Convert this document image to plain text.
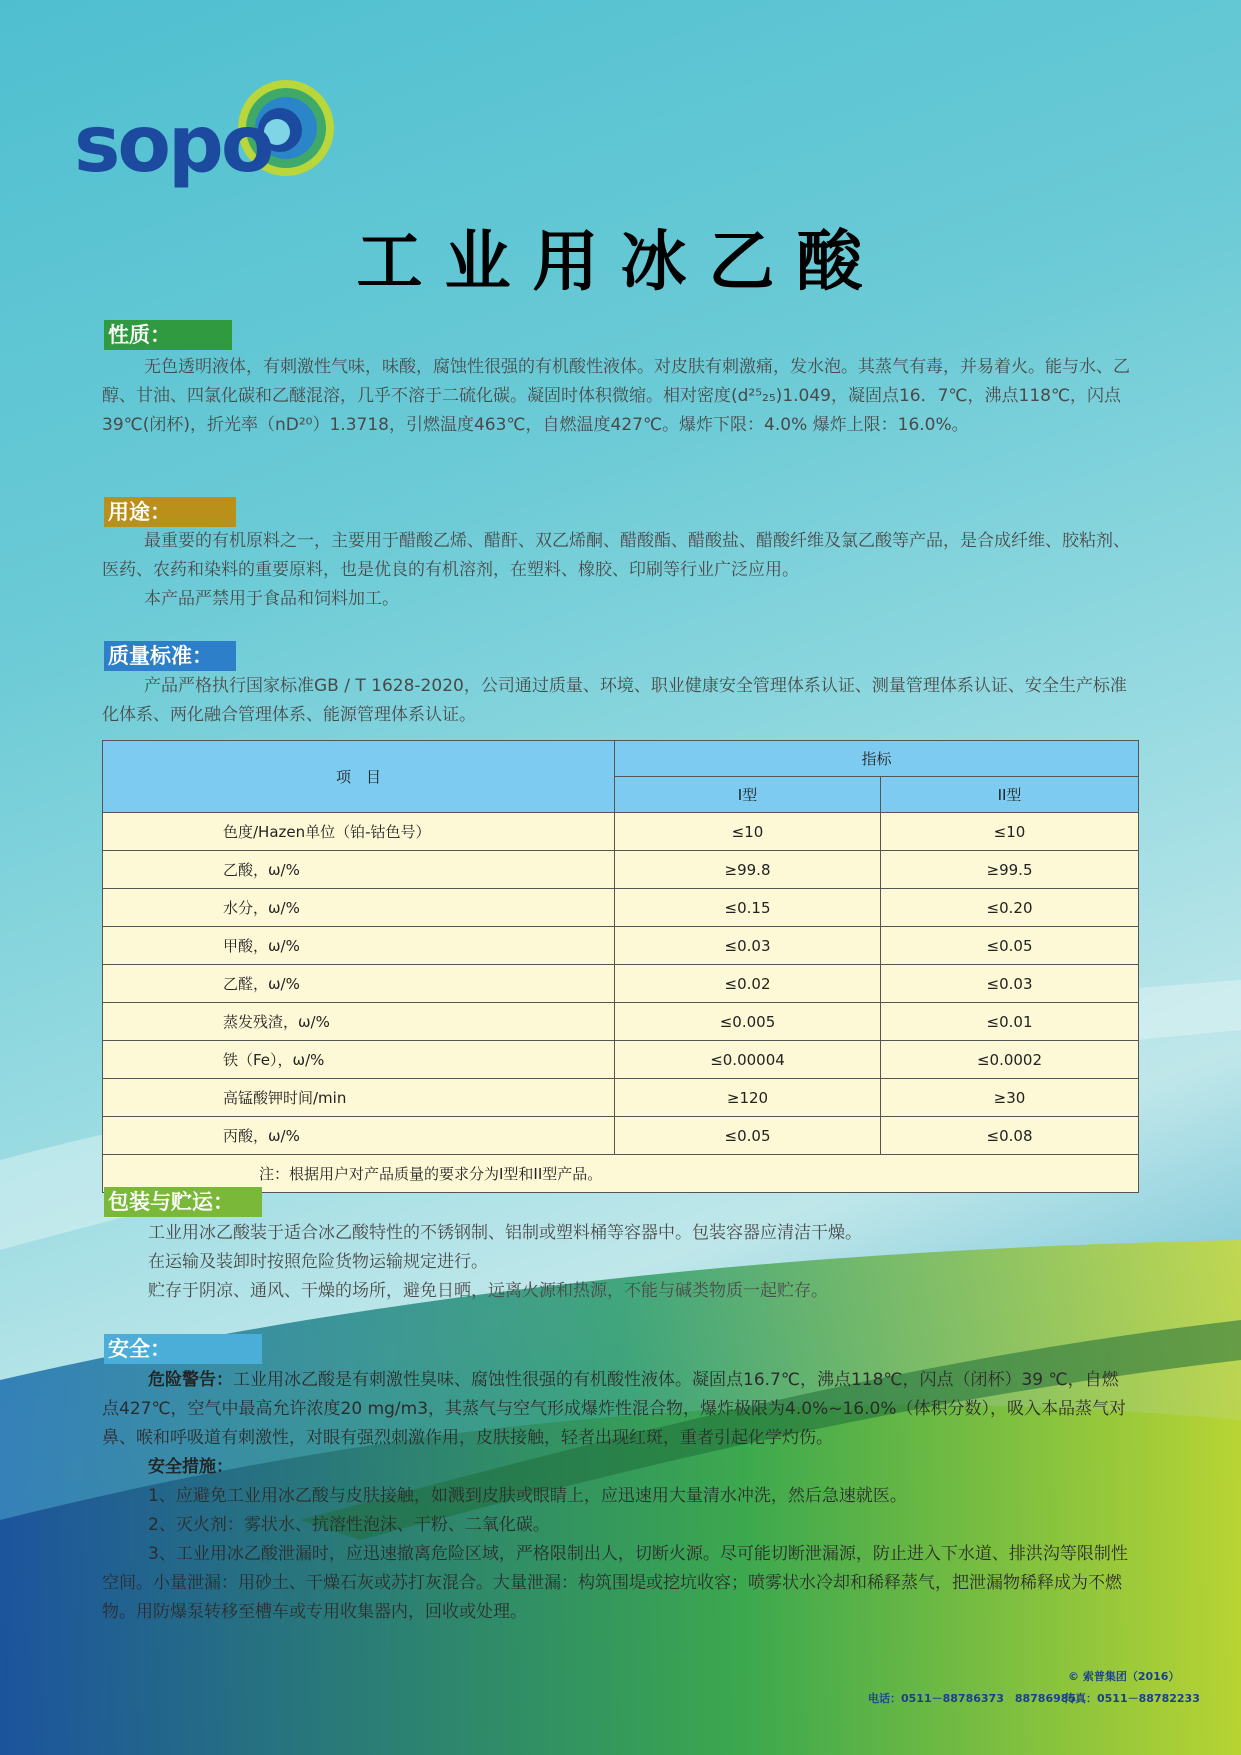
sopo
工业用冰乙酸
性质：

无色透明液体，有刺激性气味，味酸，腐蚀性很强的有机酸性液体。对皮肤有刺激痛，发水泡。其蒸气有毒，并易着火。能与水、乙醇、甘油、四氯化碳和乙醚混溶，几乎不溶于二硫化碳。凝固时体积微缩。相对密度(d²⁵₂₅)1.049，凝固点16．7℃，沸点118℃，闪点39℃(闭杯)，折光率（nD²⁰）1.3718，引燃温度463℃，自燃温度427℃。爆炸下限：4.0% 爆炸上限：16.0%。

用途：

最重要的有机原料之一，主要用于醋酸乙烯、醋酐、双乙烯酮、醋酸酯、醋酸盐、醋酸纤维及氯乙酸等产品，是合成纤维、胶粘剂、医药、农药和染料的重要原料，也是优良的有机溶剂，在塑料、橡胶、印刷等行业广泛应用。

本产品严禁用于食品和饲料加工。

质量标准：

产品严格执行国家标准GB / T 1628-2020，公司通过质量、环境、职业健康安全管理体系认证、测量管理体系认证、安全生产标准化体系、两化融合管理体系、能源管理体系认证。

项　目	指标	
	I型	II型
色度/Hazen单位（铂-钴色号）	≤10	≤10
乙酸，ω/%	≥99.8	≥99.5
水分，ω/%	≤0.15	≤0.20
甲酸，ω/%	≤0.03	≤0.05
乙醛，ω/%	≤0.02	≤0.03
蒸发残渣，ω/%	≤0.005	≤0.01
铁（Fe），ω/%	≤0.00004	≤0.0002
高锰酸钾时间/min	≥120	≥30
丙酸，ω/%	≤0.05	≤0.08
注：根据用户对产品质量的要求分为I型和II型产品。		
包装与贮运：

工业用冰乙酸装于适合冰乙酸特性的不锈钢制、铝制或塑料桶等容器中。包装容器应清洁干燥。

在运输及装卸时按照危险货物运输规定进行。

贮存于阴凉、通风、干燥的场所，避免日晒，远离火源和热源，不能与碱类物质一起贮存。

安全：

危险警告：工业用冰乙酸是有刺激性臭味、腐蚀性很强的有机酸性液体。凝固点16.7℃，沸点118℃，闪点（闭杯）39 ℃，自燃点427℃，空气中最高允许浓度20 mg/m3，其蒸气与空气形成爆炸性混合物，爆炸极限为4.0%~16.0%（体积分数），吸入本品蒸气对鼻、喉和呼吸道有刺激性，对眼有强烈刺激作用，皮肤接触，轻者出现红斑，重者引起化学灼伤。

安全措施：

1、应避免工业用冰乙酸与皮肤接触，如溅到皮肤或眼睛上，应迅速用大量清水冲洗，然后急速就医。

2、灭火剂：雾状水、抗溶性泡沫、干粉、二氧化碳。

3、工业用冰乙酸泄漏时，应迅速撤离危险区域，严格限制出人，切断火源。尽可能切断泄漏源，防止进入下水道、排洪沟等限制性空间。小量泄漏：用砂土、干燥石灰或苏打灰混合。大量泄漏：构筑围堤或挖坑收容；喷雾状水冷却和稀释蒸气，把泄漏物稀释成为不燃物。用防爆泵转移至槽车或专用收集器内，回收或处理。

© 索普集团（2016）
电话：0511－88786373　88786985
传真：0511－88782233
